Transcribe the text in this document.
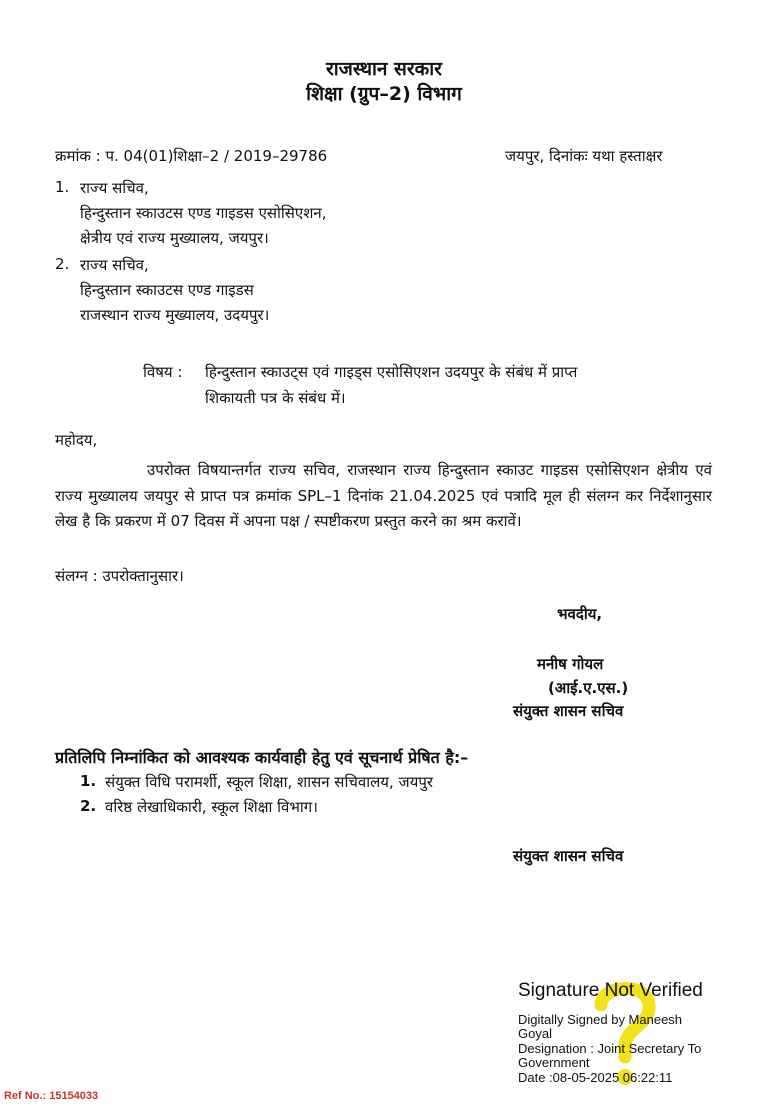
राजस्थान सरकार
शिक्षा (ग्रुप–2) विभाग
क्रमांक : प. 04(01)शिक्षा–2 / 2019–29786	जयपुर, दिनांकः यथा हस्ताक्षर
1. राज्य सचिव,
हिन्दुस्तान स्काउटस एण्ड गाइडस एसोसिएशन,
क्षेत्रीय एवं राज्य मुख्यालय, जयपुर।
2. राज्य सचिव,
हिन्दुस्तान स्काउटस एण्ड गाइडस
राजस्थान राज्य मुख्यालय, उदयपुर।
विषय : हिन्दुस्तान स्काउट्स एवं गाइड्स एसोसिएशन उदयपुर के संबंध में प्राप्त
शिकायती पत्र के संबंध में।
महोदय,

उपरोक्त विषयान्तर्गत राज्य सचिव, राजस्थान राज्य हिन्दुस्तान स्काउट गाइडस एसोसिएशन क्षेत्रीय एवं राज्य मुख्यालय जयपुर से प्राप्त पत्र क्रमांक SPL–1 दिनांक 21.04.2025 एवं पत्रादि मूल ही संलग्न कर निर्देशानुसार लेख है कि प्रकरण में 07 दिवस में अपना पक्ष / स्पष्टीकरण प्रस्तुत करने का श्रम करावें।

संलग्न : उपरोक्तानुसार।
भवदीय,
मनीष गोयल
(आई.ए.एस.)
संयुक्त शासन सचिव
प्रतिलिपि निम्नांकित को आवश्यक कार्यवाही हेतु एवं सूचनार्थ प्रेषित है:–
1. संयुक्त विधि परामर्शी, स्कूल शिक्षा, शासन सचिवालय, जयपुर
2. वरिष्ठ लेखाधिकारी, स्कूल शिक्षा विभाग।
संयुक्त शासन सचिव
Signature Not Verified
Digitally Signed by Maneesh
Goyal
Designation : Joint Secretary To
Government
Date :08-05-2025 06:22:11
Ref No.: 15154033
